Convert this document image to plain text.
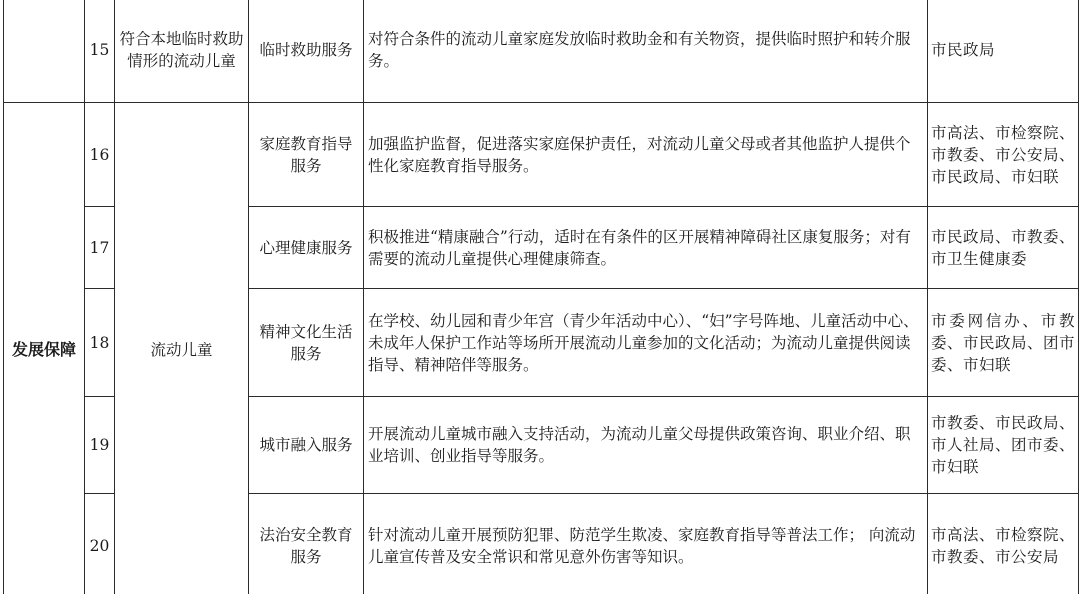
	15	符合本地临时救助情形的流动儿童	临时救助服务	对符合条件的流动儿童家庭发放临时救助金和有关物资，提供临时照护和转介服务。	市民政局
发展保障	16	流动儿童	家庭教育指导服务	加强监护监督，促进落实家庭保护责任，对流动儿童父母或者其他监护人提供个性化家庭教育指导服务。	市高法、市检察院、市教委、市公安局、市民政局、市妇联
	17		心理健康服务	积极推进“精康融合”行动，适时在有条件的区开展精神障碍社区康复服务；对有需要的流动儿童提供心理健康筛查。	市民政局、市教委、市卫生健康委
	18		精神文化生活服务	在学校、幼儿园和青少年宫（青少年活动中心）、“妇”字号阵地、儿童活动中心、未成年人保护工作站等场所开展流动儿童参加的文化活动；为流动儿童提供阅读指导、精神陪伴等服务。	市委网信办、市教委、市民政局、团市委、市妇联
	19		城市融入服务	开展流动儿童城市融入支持活动，为流动儿童父母提供政策咨询、职业介绍、职业培训、创业指导等服务。	市教委、市民政局、市人社局、团市委、市妇联
	20		法治安全教育服务	针对流动儿童开展预防犯罪、防范学生欺凌、家庭教育指导等普法工作； 向流动儿童宣传普及安全常识和常见意外伤害等知识。	市高法、市检察院、市教委、市公安局
